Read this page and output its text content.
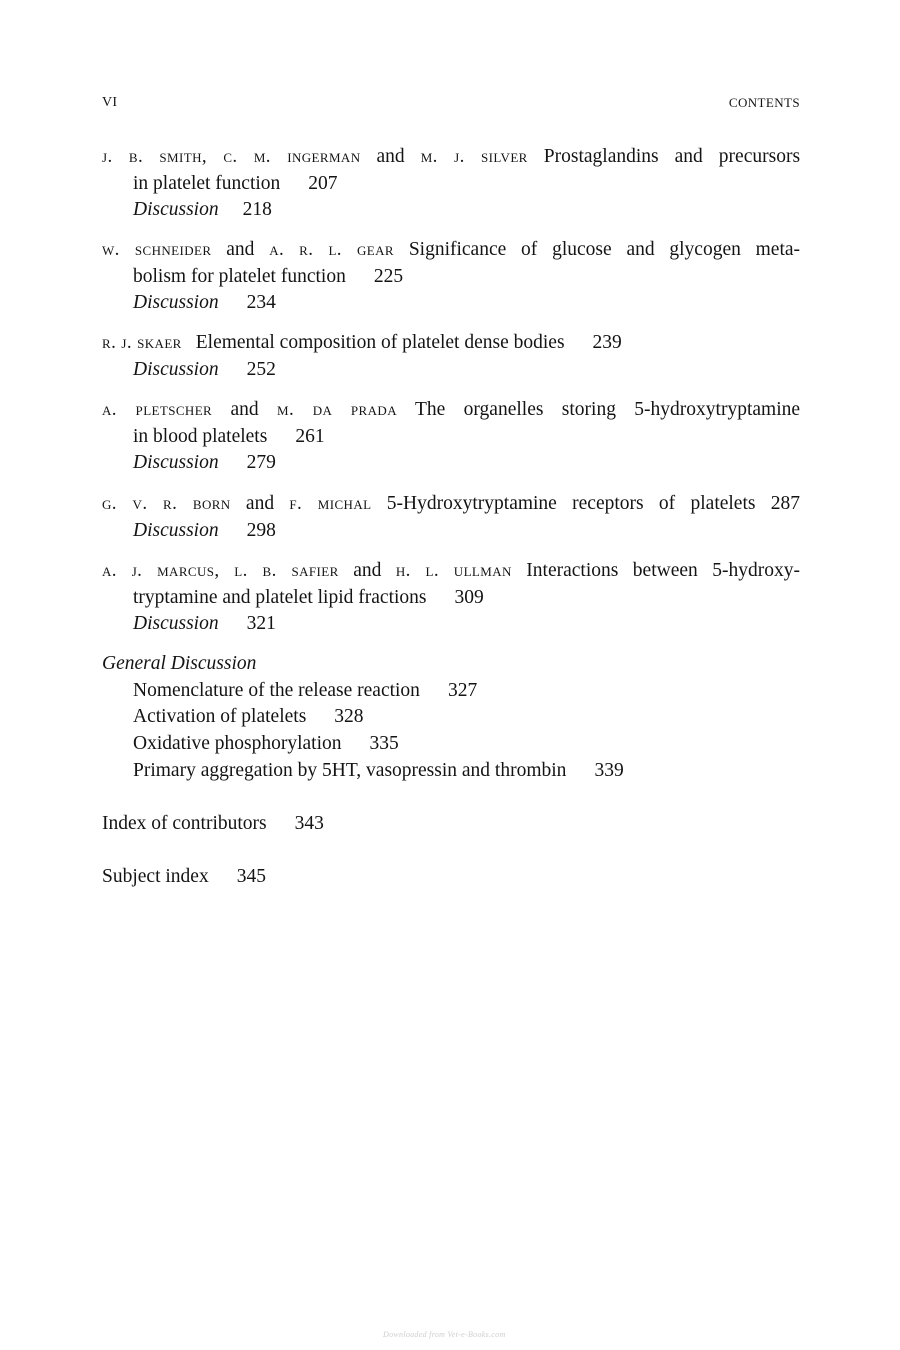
VI	CONTENTS
j. b. smith, c. m. ingerman and m. j. silver Prostaglandins and precursors
in platelet function 207
Discussion 218
w. schneider and a. r. l. gear Significance of glucose and glycogen meta-
bolism for platelet function 225
Discussion 234
r. j. skaer Elemental composition of platelet dense bodies 239
Discussion 252
a. pletscher and m. da prada The organelles storing 5-hydroxytryptamine
in blood platelets 261
Discussion 279
g. v. r. born and f. michal 5-Hydroxytryptamine receptors of platelets 287
Discussion 298
a. j. marcus, l. b. safier and h. l. ullman Interactions between 5-hydroxy-
tryptamine and platelet lipid fractions 309
Discussion 321
General Discussion
Nomenclature of the release reaction 327
Activation of platelets 328
Oxidative phosphorylation 335
Primary aggregation by 5HT, vasopressin and thrombin 339
Index of contributors 343
Subject index 345
Downloaded from Vet-e-Books.com
